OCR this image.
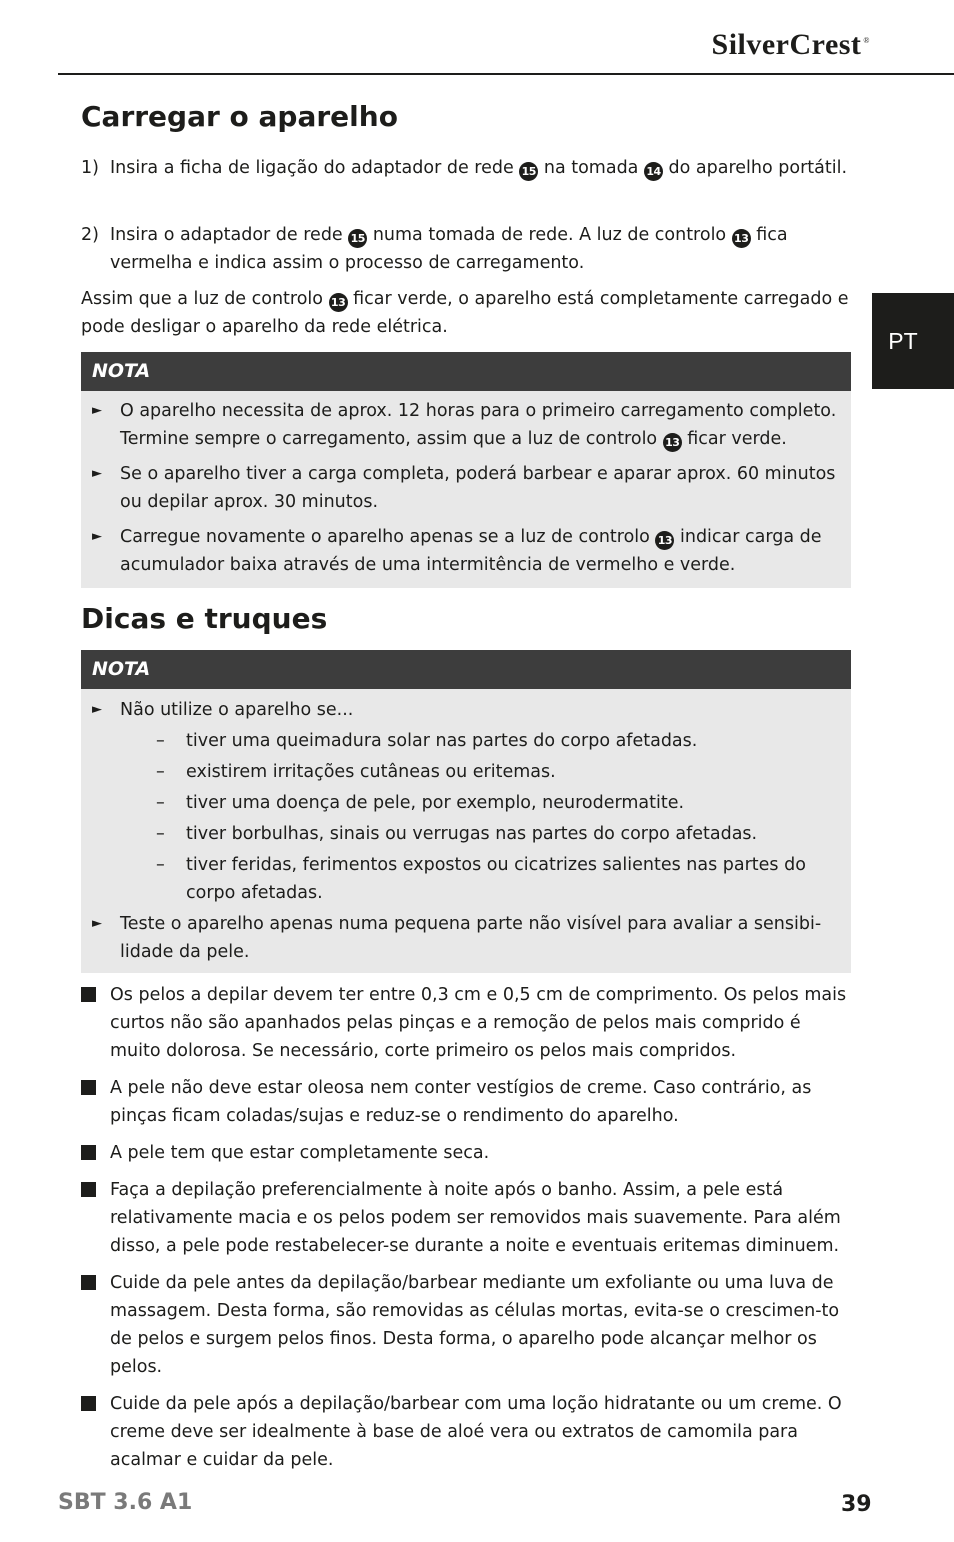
SilverCrest ®
PT
Carregar o aparelho
1) Insira a ficha de ligação do adaptador de rede 15 na tomada 14 do aparelho portátil.
2) Insira o adaptador de rede 15 numa tomada de rede. A luz de controlo 13 fica vermelha e indica assim o processo de carregamento.
Assim que a luz de controlo 13 ficar verde, o aparelho está completamente carregado e pode desligar o aparelho da rede elétrica.
NOTA
►	O aparelho necessita de aprox. 12 horas para o primeiro carregamento completo. Termine sempre o carregamento, assim que a luz de controlo 13 ficar verde.
►	Se o aparelho tiver a carga completa, poderá barbear e aparar aprox. 60 minutos ou depilar aprox. 30 minutos.
►	Carregue novamente o aparelho apenas se a luz de controlo 13 indicar carga de acumulador baixa através de uma intermitência de vermelho e verde.
Dicas e truques
NOTA
►	Não utilize o aparelho se...
–	tiver uma queimadura solar nas partes do corpo afetadas.
–	existirem irritações cutâneas ou eritemas.
–	tiver uma doença de pele, por exemplo, neurodermatite.
–	tiver borbulhas, sinais ou verrugas nas partes do corpo afetadas.
–	tiver feridas, ferimentos expostos ou cicatrizes salientes nas partes do corpo afetadas.
►	Teste o aparelho apenas numa pequena parte não visível para avaliar a sensibi-lidade da pele.
Os pelos a depilar devem ter entre 0,3 cm e 0,5 cm de comprimento. Os pelos mais curtos não são apanhados pelas pinças e a remoção de pelos mais comprido é muito dolorosa. Se necessário, corte primeiro os pelos mais compridos.
A pele não deve estar oleosa nem conter vestígios de creme. Caso contrário, as pinças ficam coladas/sujas e reduz-se o rendimento do aparelho.
A pele tem que estar completamente seca.
Faça a depilação preferencialmente à noite após o banho. Assim, a pele está relativamente macia e os pelos podem ser removidos mais suavemente. Para além disso, a pele pode restabelecer-se durante a noite e eventuais eritemas diminuem.
Cuide da pele antes da depilação/barbear mediante um exfoliante ou uma luva de massagem. Desta forma, são removidas as células mortas, evita-se o crescimen-to de pelos e surgem pelos finos. Desta forma, o aparelho pode alcançar melhor os pelos.
Cuide da pele após a depilação/barbear com uma loção hidratante ou um creme. O creme deve ser idealmente à base de aloé vera ou extratos de camomila para acalmar e cuidar da pele.
SBT 3.6 A1	39
